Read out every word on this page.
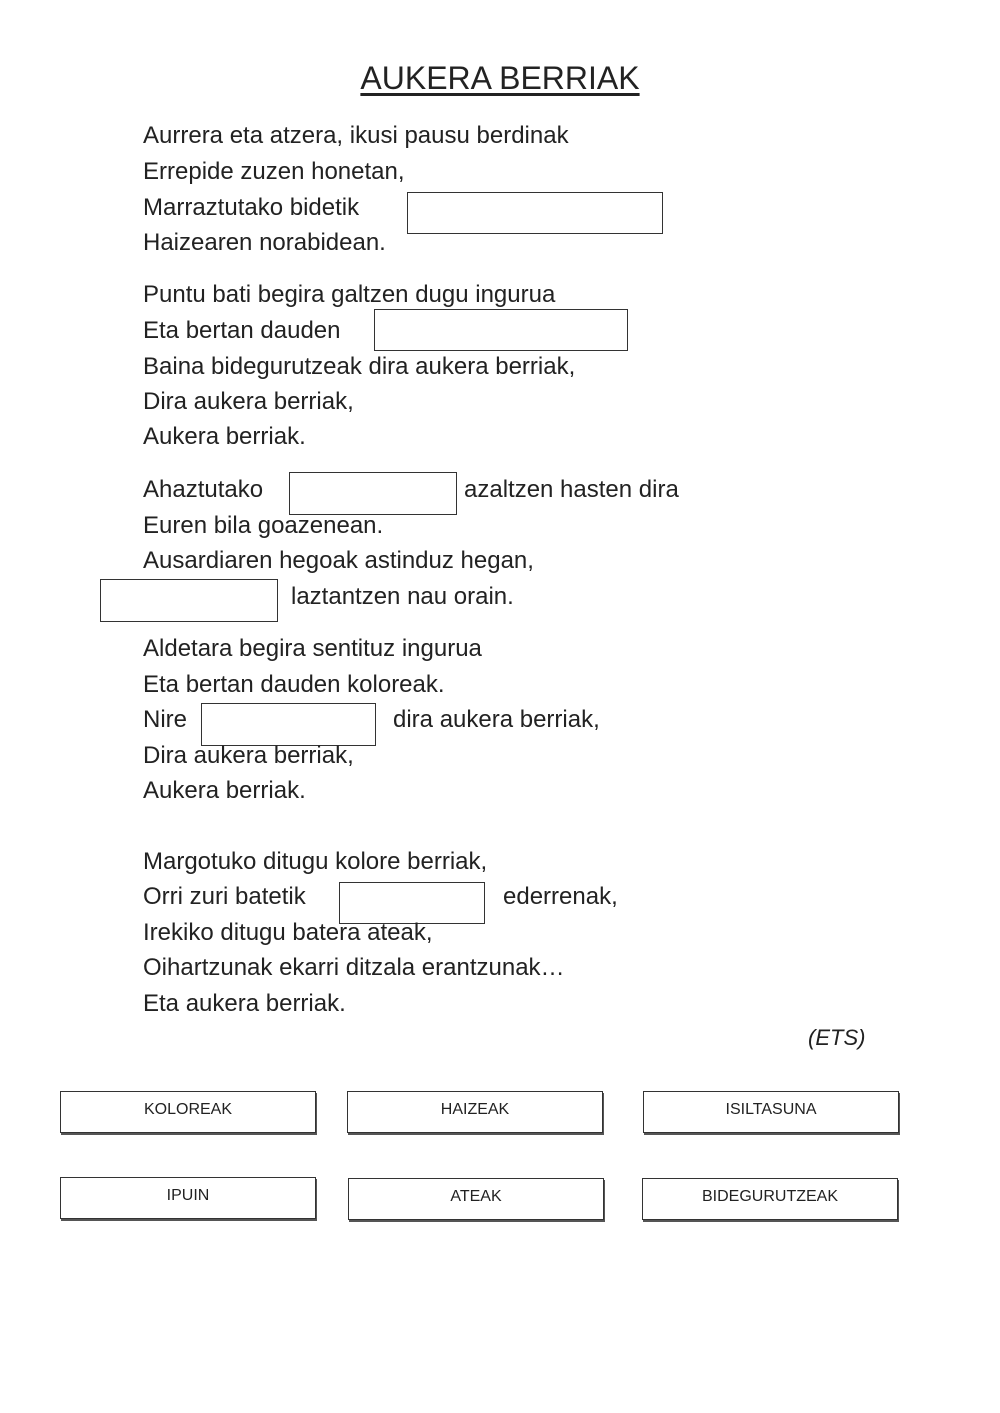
AUKERA BERRIAK
Aurrera eta atzera, ikusi pausu berdinak
Errepide zuzen honetan,
Marraztutako bidetik
Haizearen norabidean.
Puntu bati begira galtzen dugu ingurua
Eta bertan dauden
Baina bidegurutzeak dira aukera berriak,
Dira aukera berriak,
Aukera berriak.
Ahaztutako	azaltzen hasten dira
Euren bila goazenean.
Ausardiaren hegoak astinduz hegan,
laztantzen nau orain.
Aldetara begira sentituz ingurua
Eta bertan dauden koloreak.
Nire	dira aukera berriak,
Dira aukera berriak,
Aukera berriak.
Margotuko ditugu kolore berriak,
Orri zuri batetik	ederrenak,
Irekiko ditugu batera ateak,
Oihartzunak ekarri ditzala erantzunak…
Eta aukera berriak.
(ETS)
KOLOREAK	HAIZEAK	ISILTASUNA
IPUIN	ATEAK	BIDEGURUTZEAK
